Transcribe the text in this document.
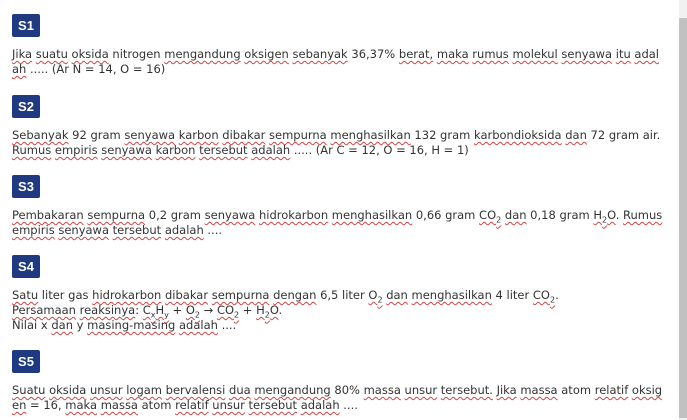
S1
Jika suatu oksida nitrogen mengandung oksigen sebanyak 36,37% berat, maka rumus molekul senyawa itu adalah ..... (Ar N = 14, O = 16)
S2
Sebanyak 92 gram senyawa karbon dibakar sempurna menghasilkan 132 gram karbondioksida dan 72 gram air. Rumus empiris senyawa karbon tersebut adalah ..... (Ar C = 12, O = 16, H = 1)
S3
Pembakaran sempurna 0,2 gram senyawa hidrokarbon menghasilkan 0,66 gram $CO_2$ dan 0,18 gram $H_2O$. Rumus empiris senyawa tersebut adalah ....
S4
Satu liter gas hidrokarbon dibakar sempurna dengan 6,5 liter $O_2$ dan menghasilkan 4 liter $CO_2$.
Persamaan reaksinya: $C_xH_y + O_2 \to CO_2 + H_2O$.
Nilai x dan y masing-masing adalah ....
S5
Suatu oksida unsur logam bervalensi dua mengandung 80% massa unsur tersebut. Jika massa atom relatif oksigen = 16, maka massa atom relatif unsur tersebut adalah ....
